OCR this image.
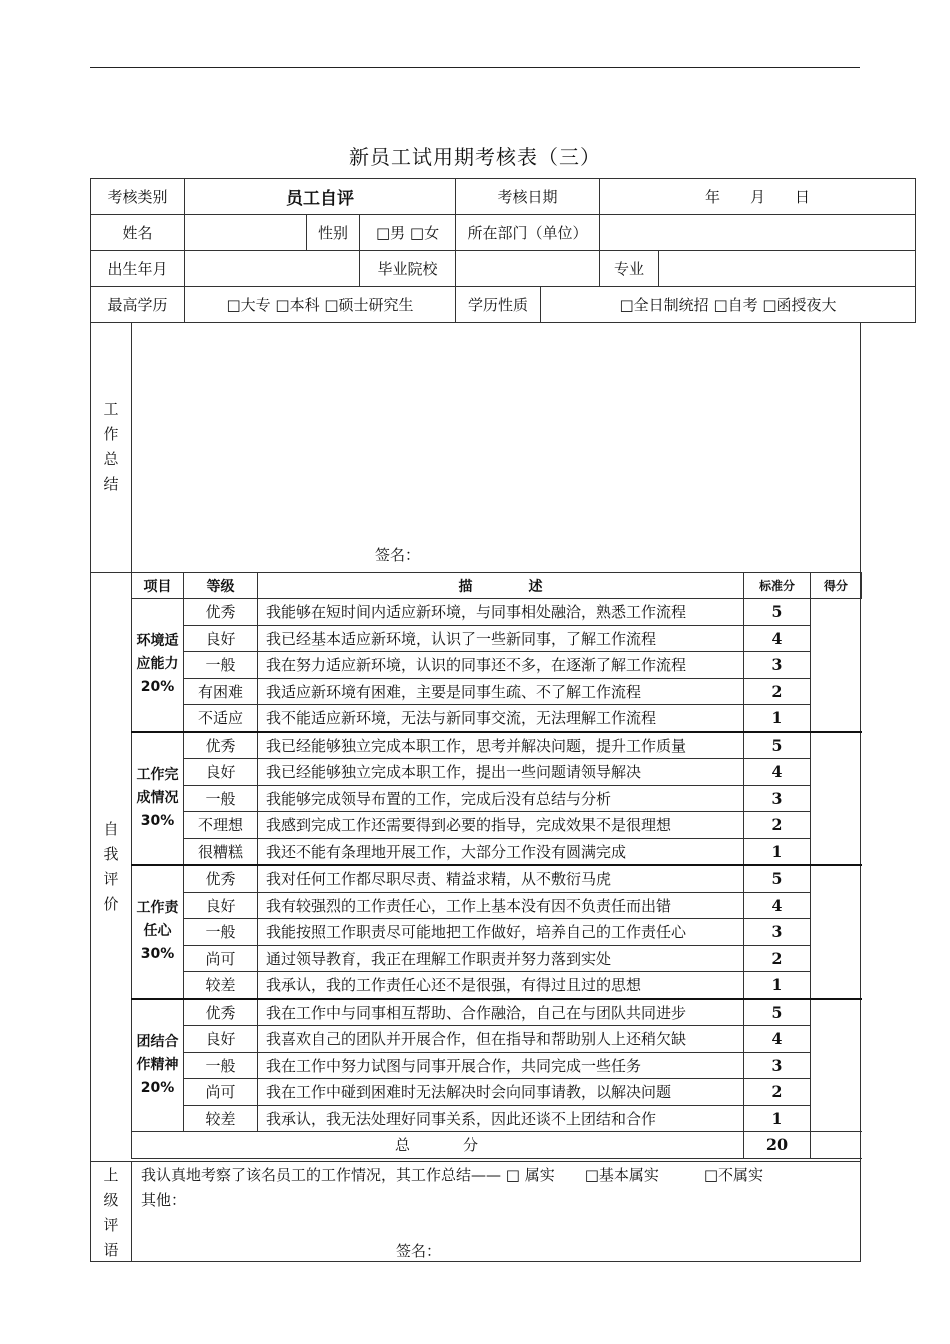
新员工试用期考核表（三）
考核类别	员工自评			考核日期		年　　月　　日	
姓名		性别	□男 □女	所在部门（单位）			
出生年月			毕业院校			专业	
最高学历	□大专 □本科 □硕士研究生			学历性质	□全日制统招 □自考 □函授夜大		
工
作
总
结
签名：
自
我
评
价
项目	等级	描　　　　述	标准分	得分
环境适应能力20%	优秀	我能够在短时间内适应新环境，与同事相处融洽，熟悉工作流程	5	
	良好	我已经基本适应新环境，认识了一些新同事，了解工作流程	4	
	一般	我在努力适应新环境，认识的同事还不多，在逐渐了解工作流程	3	
	有困难	我适应新环境有困难，主要是同事生疏、不了解工作流程	2	
	不适应	我不能适应新环境，无法与新同事交流，无法理解工作流程	1	
工作完成情况30%	优秀	我已经能够独立完成本职工作，思考并解决问题，提升工作质量	5	
	良好	我已经能够独立完成本职工作，提出一些问题请领导解决	4	
	一般	我能够完成领导布置的工作，完成后没有总结与分析	3	
	不理想	我感到完成工作还需要得到必要的指导，完成效果不是很理想	2	
	很糟糕	我还不能有条理地开展工作，大部分工作没有圆满完成	1	
工作责任心30%	优秀	我对任何工作都尽职尽责、精益求精，从不敷衍马虎	5	
	良好	我有较强烈的工作责任心，工作上基本没有因不负责任而出错	4	
	一般	我能按照工作职责尽可能地把工作做好，培养自己的工作责任心	3	
	尚可	通过领导教育，我正在理解工作职责并努力落到实处	2	
	较差	我承认，我的工作责任心还不是很强，有得过且过的思想	1	
团结合作精神20%	优秀	我在工作中与同事相互帮助、合作融洽，自己在与团队共同进步	5	
	良好	我喜欢自己的团队并开展合作，但在指导和帮助别人上还稍欠缺	4	
	一般	我在工作中努力试图与同事开展合作，共同完成一些任务	3	
	尚可	我在工作中碰到困难时无法解决时会向同事请教，以解决问题	2	
	较差	我承认，我无法处理好同事关系，因此还谈不上团结和合作	1	
总　　　分			20	
上
级
评
语
我认真地考察了该名员工的工作情况，其工作总结—— □ 属实　　□基本属实　　　□不属实
其他：
签名：
